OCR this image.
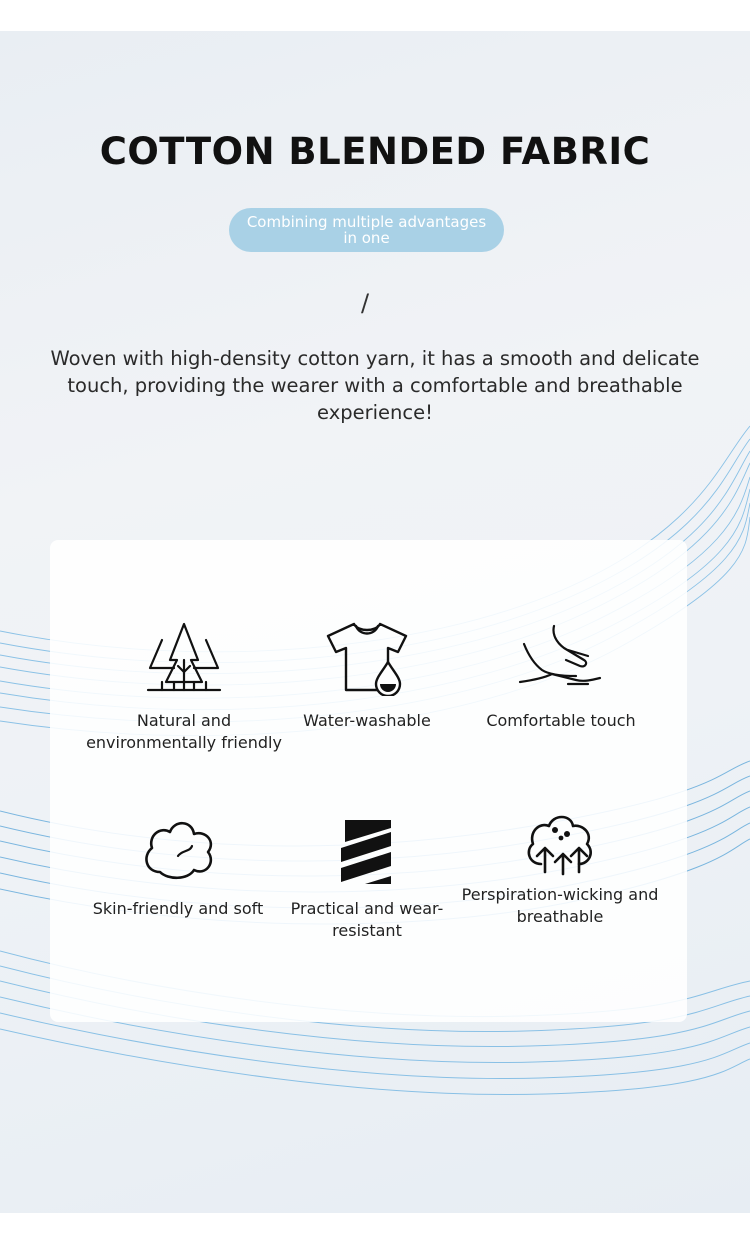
COTTON BLENDED FABRIC
Combining multiple advantages in one
/

Woven with high-density cotton yarn, it has a smooth and delicate touch, providing the wearer with a comfortable and breathable experience!

Natural and environmentally friendly
Water-washable	Comfortable touch
Skin-friendly and soft	Practical and wear-resistant
Perspiration-wicking and breathable
